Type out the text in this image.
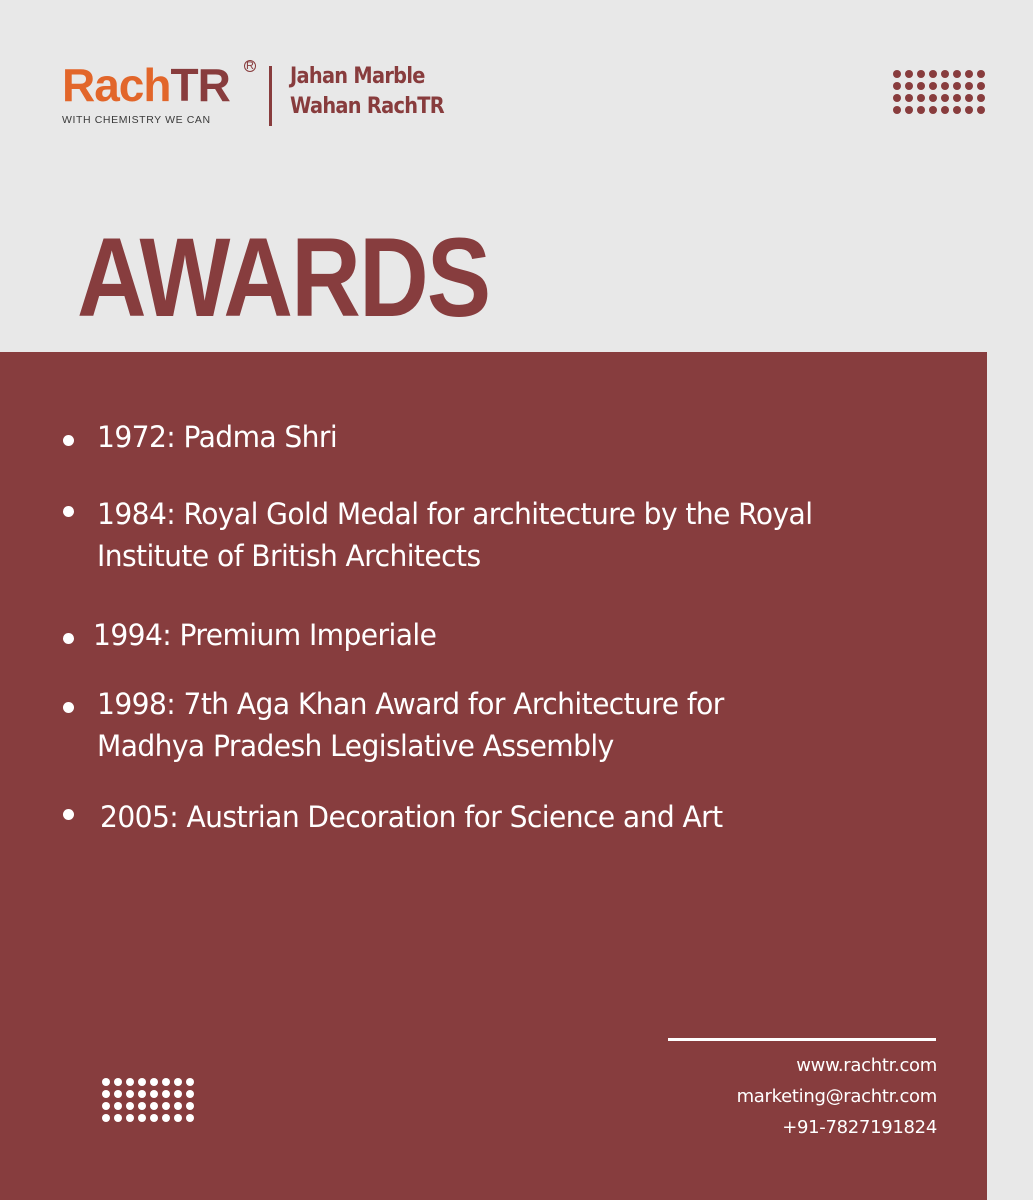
RachTR	R
WITH CHEMISTRY WE CAN
Jahan Marble
Wahan RachTR
AWARDS
1972: Padma Shri
1984: Royal Gold Medal for architecture by the Royal
Institute of British Architects
1994: Premium Imperiale
1998: 7th Aga Khan Award for Architecture for
Madhya Pradesh Legislative Assembly
2005: Austrian Decoration for Science and Art
www.rachtr.com
marketing@rachtr.com
+91-7827191824
